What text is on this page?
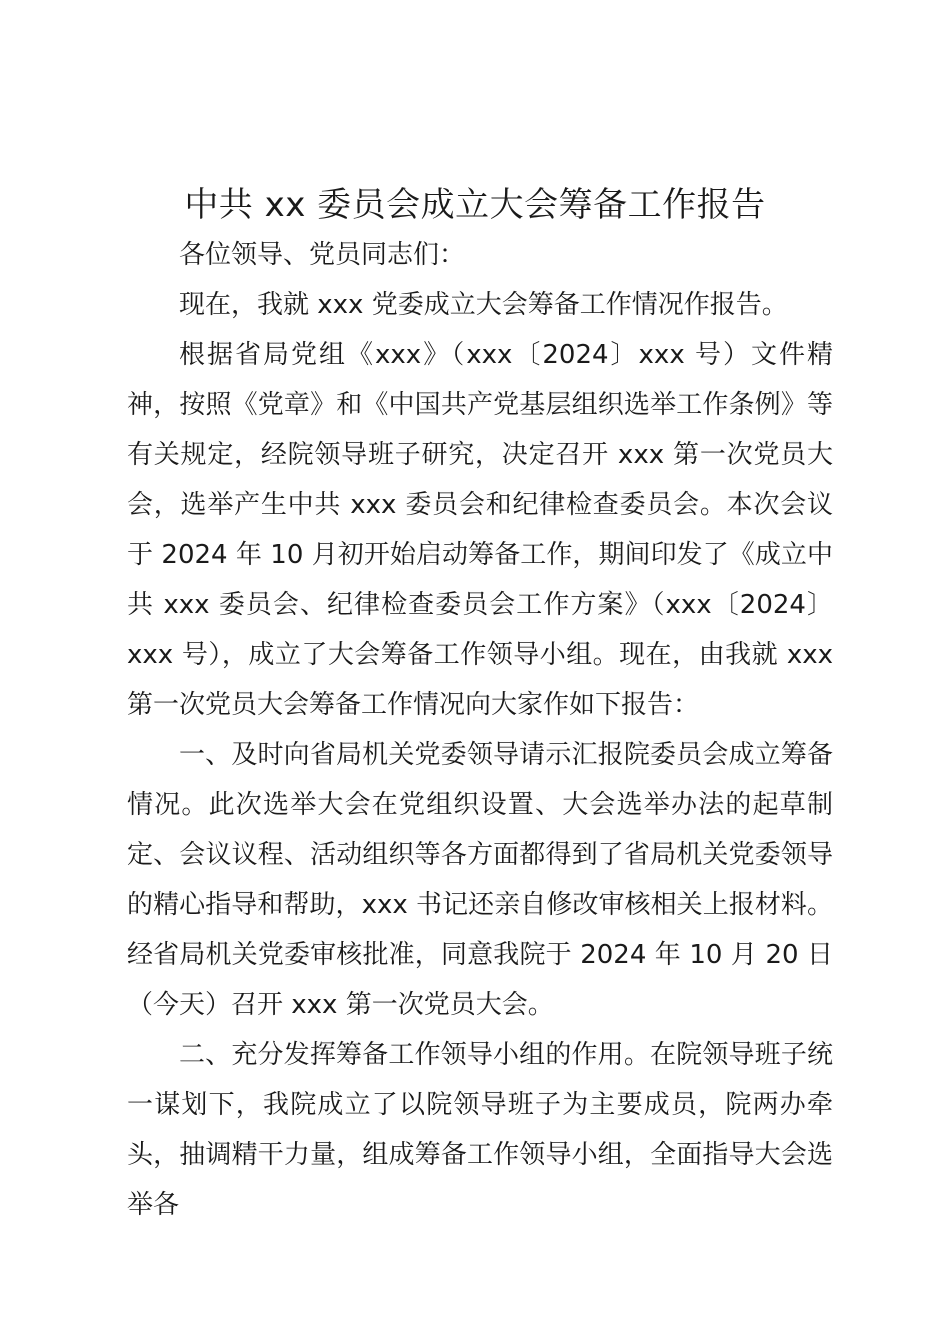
中共 xx 委员会成立大会筹备工作报告

各位领导、党员同志们：

现在，我就 xxx 党委成立大会筹备工作情况作报告。

根据省局党组《xxx》（xxx〔2024〕xxx 号）文件精神，按照《党章》和《中国共产党基层组织选举工作条例》等有关规定，经院领导班子研究，决定召开 xxx 第一次党员大会，选举产生中共 xxx 委员会和纪律检查委员会。本次会议于 2024 年 10 月初开始启动筹备工作，期间印发了《成立中共 xxx 委员会、纪律检查委员会工作方案》（xxx〔2024〕xxx 号），成立了大会筹备工作领导小组。现在，由我就 xxx 第一次党员大会筹备工作情况向大家作如下报告：

一、及时向省局机关党委领导请示汇报院委员会成立筹备情况。此次选举大会在党组织设置、大会选举办法的起草制定、会议议程、活动组织等各方面都得到了省局机关党委领导的精心指导和帮助，xxx 书记还亲自修改审核相关上报材料。经省局机关党委审核批准，同意我院于 2024 年 10 月 20 日（今天）召开 xxx 第一次党员大会。

二、充分发挥筹备工作领导小组的作用。在院领导班子统一谋划下，我院成立了以院领导班子为主要成员，院两办牵头，抽调精干力量，组成筹备工作领导小组，全面指导大会选举各
